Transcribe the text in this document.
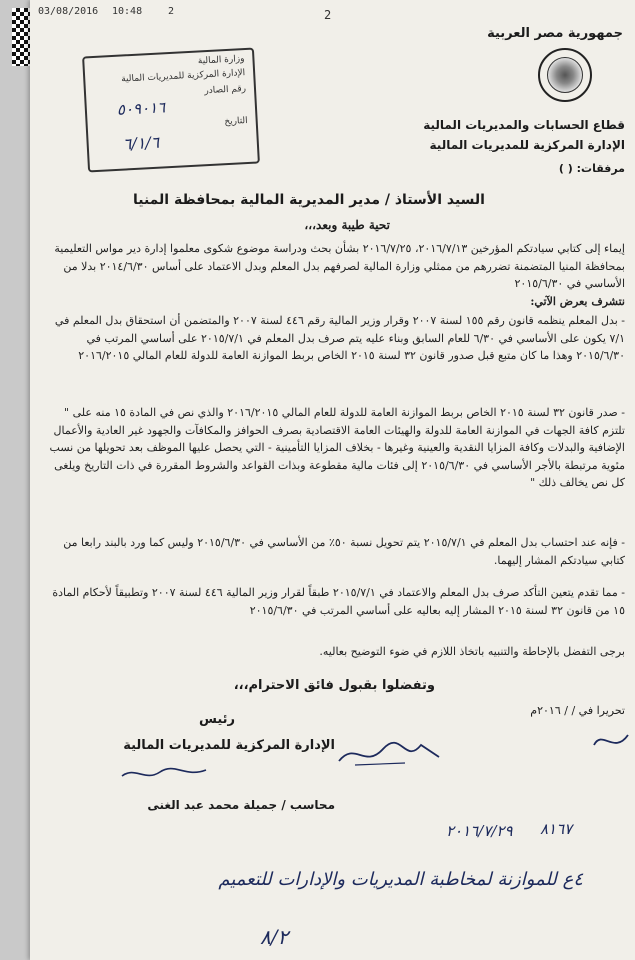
03/08/2016 10:48	2	2
جمهورية مصر العربية
قطاع الحسابات والمديريات المالية
الإدارة المركزية للمديريات المالية
مرفقات: ( )
وزارة المالية
الإدارة المركزية للمديريات المالية
رقم الصادر
٥٠٩٠١٦
التاريخ
٦/١/٦
السيد الأستاذ / مدير المديرية المالية بمحافظة المنيا
تحية طيبة وبعد،،،
إيماء إلى كتابي سيادتكم المؤرخين ٢٠١٦/٧/١٣، ٢٠١٦/٧/٢٥ بشأن بحث ودراسة موضوع شكوى معلموا إدارة دير مواس التعليمية بمحافظة المنيا المتضمنة تضررهم من ممثلي وزارة المالية لصرفهم بدل المعلم وبدل الاعتماد على أساس ٢٠١٤/٦/٣٠ بدلا من الأساسي في ٢٠١٥/٦/٣٠
نتشرف بعرض الآتي:
- بدل المعلم ينظمه قانون رقم ١٥٥ لسنة ٢٠٠٧ وقرار وزير المالية رقم ٤٤٦ لسنة ٢٠٠٧ والمتضمن أن استحقاق بدل المعلم في ٧/١ يكون على الأساسي في ٦/٣٠ للعام السابق وبناء عليه يتم صرف بدل المعلم في ٢٠١٥/٧/١ على أساسي المرتب في ٢٠١٥/٦/٣٠ وهذا ما كان متبع قبل صدور قانون ٣٢ لسنة ٢٠١٥ الخاص بربط الموازنة العامة للدولة للعام المالي ٢٠١٦/٢٠١٥
- صدر قانون ٣٢ لسنة ٢٠١٥ الخاص بربط الموازنة العامة للدولة للعام المالي ٢٠١٦/٢٠١٥ والذي نص في المادة ١٥ منه على " تلتزم كافة الجهات في الموازنة العامة للدولة والهيئات العامة الاقتصادية بصرف الحوافز والمكافآت والجهود غير العادية والأعمال الإضافية والبدلات وكافة المزايا النقدية والعينية وغيرها - بخلاف المزايا التأمينية - التي يحصل عليها الموظف بعد تحويلها من نسب مئوية مرتبطة بالأجر الأساسي في ٢٠١٥/٦/٣٠ إلى فئات مالية مقطوعة وبذات القواعد والشروط المقررة في ذات التاريخ ويلغى كل نص يخالف ذلك "
- فإنه عند احتساب بدل المعلم في ٢٠١٥/٧/١ يتم تحويل نسبة ٥٠٪ من الأساسي في ٢٠١٥/٦/٣٠ وليس كما ورد بالبند رابعا من كتابي سيادتكم المشار إليهما.
- مما تقدم يتعين التأكد صرف بدل المعلم والاعتماد في ٢٠١٥/٧/١ طبقاً لقرار وزير المالية ٤٤٦ لسنة ٢٠٠٧ وتطبيقاً لأحكام المادة ١٥ من قانون ٣٢ لسنة ٢٠١٥ المشار إليه بعاليه على أساسي المرتب في ٢٠١٥/٦/٣٠
برجى التفضل بالإحاطة والتنبيه باتخاذ اللازم في ضوء التوضيح بعاليه.
وتفضلوا بقبول فائق الاحترام،،،
تحريرا في / / ٢٠١٦م
رئيس
الإدارة المركزية للمديريات المالية
محاسب / جميلة محمد عبد الغنى
٨١٦٧
٢٠١٦/٧/٢٩
٤ع للموازنة لمخاطبة المديريات والإدارات للتعميم
٨/٢
